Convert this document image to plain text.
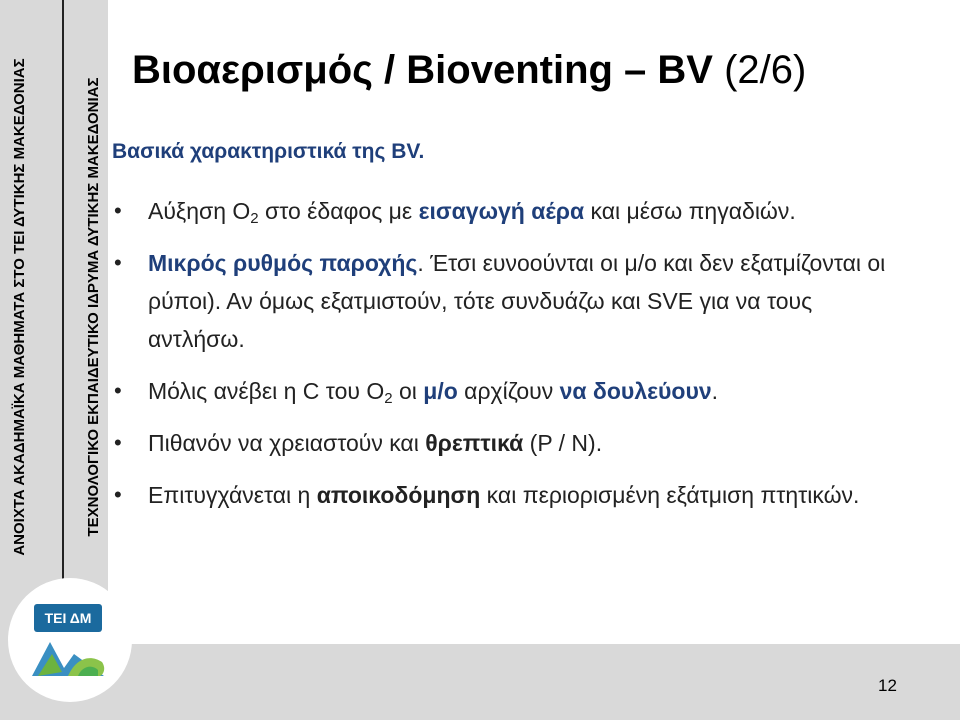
ΑΝΟΙΧΤΑ ΑΚΑΔΗΜΑΪΚΑ ΜΑΘΗΜΑΤΑ ΣΤΟ ΤΕΙ ΔΥΤΙΚΗΣ ΜΑΚΕΔΟΝΙΑΣ	ΤΕΧΝΟΛΟΓΙΚΟ ΕΚΠΑΙΔΕΥΤΙΚΟ ΙΔΡΥΜΑ ΔΥΤΙΚΗΣ ΜΑΚΕΔΟΝΙΑΣ
ΤΕΙ ΔΜ
Βιοαερισμός / Bioventing – BV (2/6)
Βασικά χαρακτηριστικά της BV.
• Αύξηση $O_2$ στο έδαφος με εισαγωγή αέρα και μέσω πηγαδιών.
• Μικρός ρυθμός παροχής. Έτσι ευνοούνται οι μ/ο και δεν εξατμίζονται οι ρύποι). Αν όμως εξατμιστούν, τότε συνδυάζω και SVE για να τους αντλήσω.
• Μόλις ανέβει η C του $O_2$ οι μ/ο αρχίζουν να δουλεύουν.
• Πιθανόν να χρειαστούν και θρεπτικά (P / N).
• Επιτυγχάνεται η αποικοδόμηση και περιορισμένη εξάτμιση πτητικών.
12
